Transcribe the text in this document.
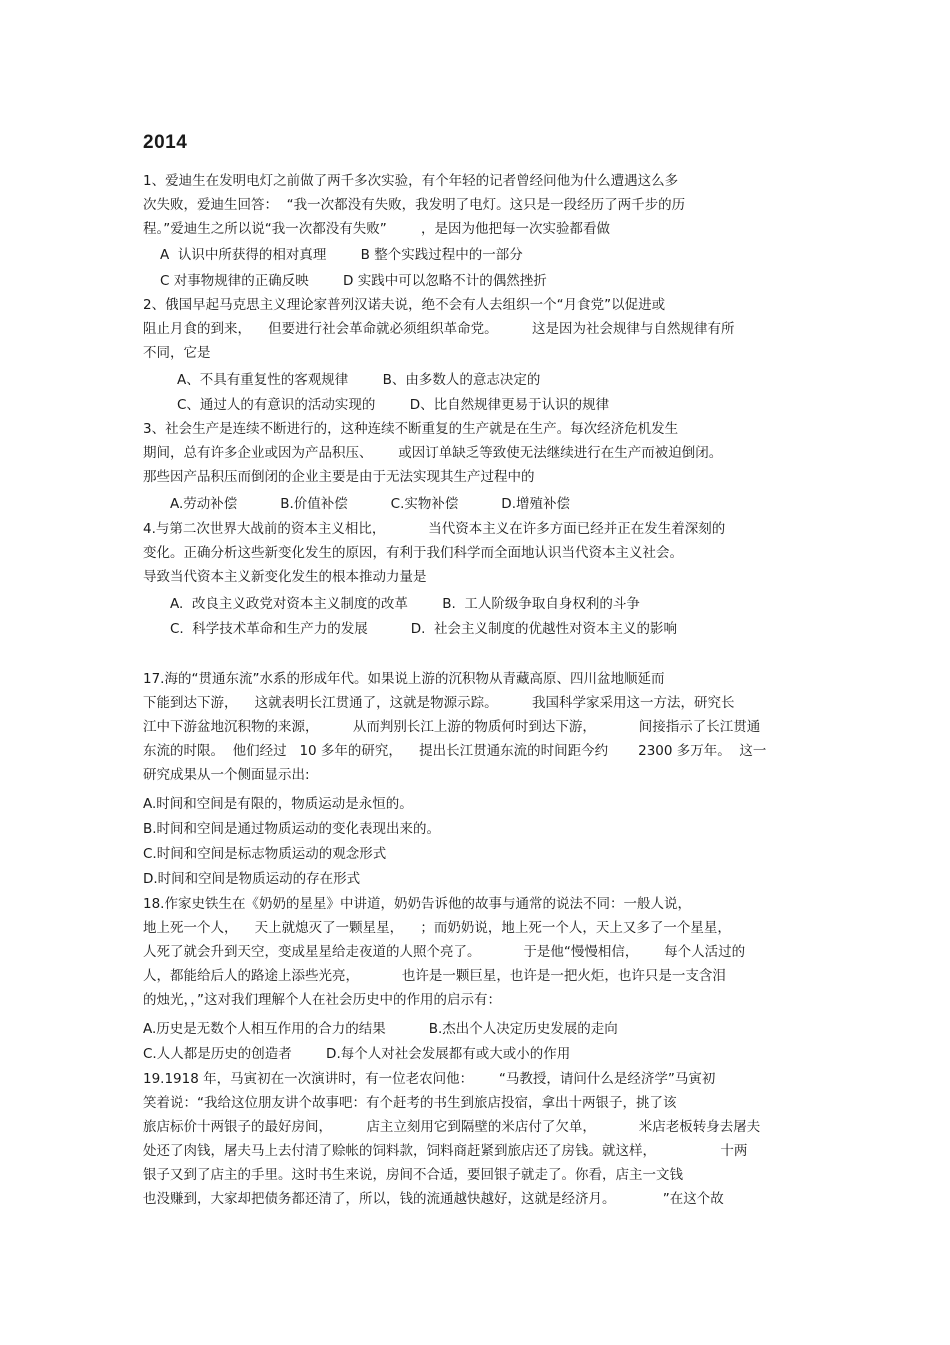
2014
1、爱迪生在发明电灯之前做了两千多次实验，有个年轻的记者曾经问他为什么遭遇这么多
次失败，爱迪生回答：  “我一次都没有失败，我发明了电灯。这只是一段经历了两千步的历
程。”爱迪生之所以说“我一次都没有失败”        ，是因为他把每一次实验都看做
A  认识中所获得的相对真理        B 整个实践过程中的一部分
C 对事物规律的正确反映        D 实践中可以忽略不计的偶然挫折
2、俄国早起马克思主义理论家普列汉诺夫说，绝不会有人去组织一个“月食党”以促进或
阻止月食的到来，    但要进行社会革命就必须组织革命党。        这是因为社会规律与自然规律有所
不同，它是
A、不具有重复性的客观规律        B、由多数人的意志决定的
C、通过人的有意识的活动实现的        D、比自然规律更易于认识的规律
3、社会生产是连续不断进行的，这种连续不断重复的生产就是在生产。每次经济危机发生
期间，总有许多企业或因为产品积压、      或因订单缺乏等致使无法继续进行在生产而被迫倒闭。
那些因产品积压而倒闭的企业主要是由于无法实现其生产过程中的
A.劳动补偿          B.价值补偿          C.实物补偿          D.增殖补偿
4.与第二次世界大战前的资本主义相比，          当代资本主义在许多方面已经并正在发生着深刻的
变化。正确分析这些新变化发生的原因，有利于我们科学而全面地认识当代资本主义社会。
导致当代资本主义新变化发生的根本推动力量是
A.  改良主义政党对资本主义制度的改革        B.  工人阶级争取自身权利的斗争
C.  科学技术革命和生产力的发展          D.  社会主义制度的优越性对资本主义的影响
17.海的“贯通东流”水系的形成年代。如果说上游的沉积物从青藏高原、四川盆地顺延而
下能到达下游，    这就表明长江贯通了，这就是物源示踪。        我国科学家采用这一方法，研究长
江中下游盆地沉积物的来源，        从而判别长江上游的物质何时到达下游，          间接指示了长江贯通
东流的时限。  他们经过   10 多年的研究，    提出长江贯通东流的时间距今约       2300 多万年。  这一
研究成果从一个侧面显示出:
A.时间和空间是有限的，物质运动是永恒的。
B.时间和空间是通过物质运动的变化表现出来的。
C.时间和空间是标志物质运动的观念形式
D.时间和空间是物质运动的存在形式
18.作家史铁生在《奶奶的星星》中讲道，奶奶告诉他的故事与通常的说法不同：一般人说，
地上死一个人，    天上就熄灭了一颗星星，    ；而奶奶说，地上死一个人，天上又多了一个星星，
人死了就会升到天空，变成星星给走夜道的人照个亮了。          于是他“慢慢相信，      每个人活过的
人，都能给后人的路途上添些光亮，          也许是一颗巨星，也许是一把火炬，也许只是一支含泪
的烛光，，”这对我们理解个人在社会历史中的作用的启示有：
A.历史是无数个人相互作用的合力的结果          B.杰出个人决定历史发展的走向
C.人人都是历史的创造者        D.每个人对社会发展都有或大或小的作用
19.1918 年，马寅初在一次演讲时，有一位老农问他：      “马教授，请问什么是经济学”马寅初
笑着说：“我给这位朋友讲个故事吧：有个赶考的书生到旅店投宿，拿出十两银子，挑了该
旅店标价十两银子的最好房间，        店主立刻用它到隔壁的米店付了欠单，          米店老板转身去屠夫
处还了肉钱，屠夫马上去付清了赊帐的饲料款，饲料商赶紧到旅店还了房钱。就这样，               十两
银子又到了店主的手里。这时书生来说，房间不合适，要回银子就走了。你看，店主一文钱
也没赚到，大家却把债务都还清了，所以，钱的流通越快越好，这就是经济月。           ”在这个故
